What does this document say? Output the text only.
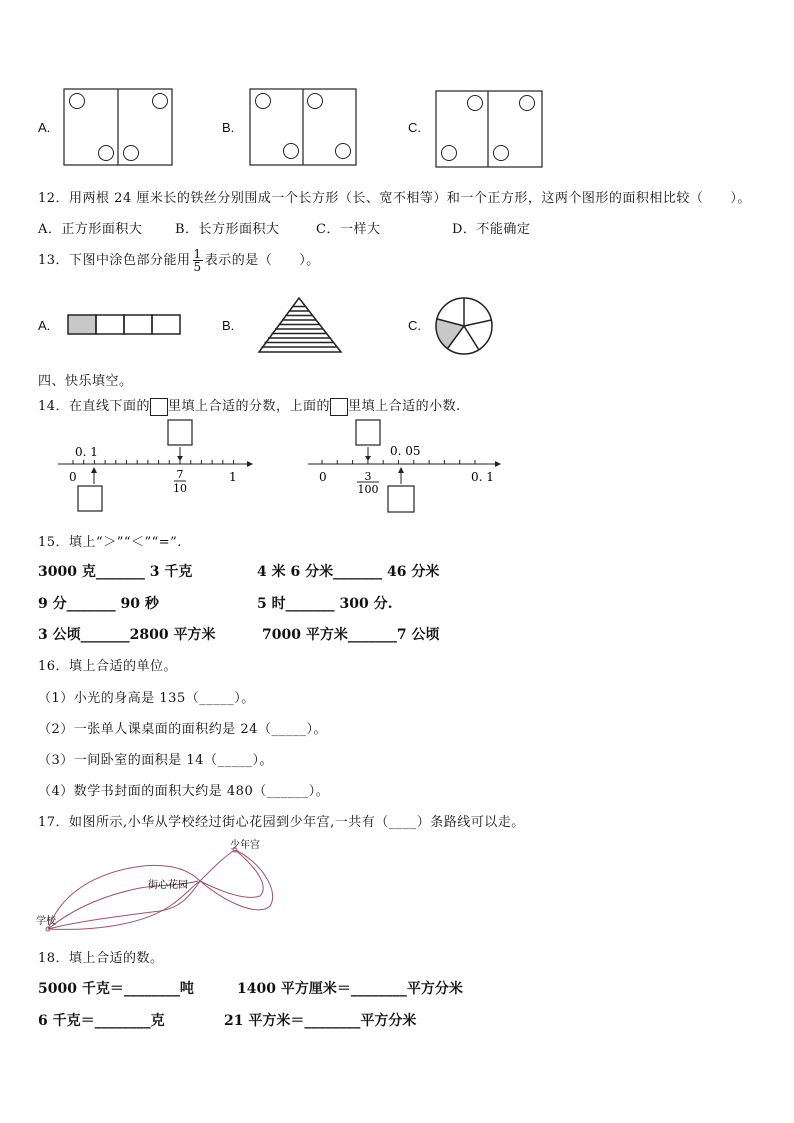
A.	B.	C.
12．用两根 24 厘米长的铁丝分别围成一个长方形（长、宽不相等）和一个正方形，这两个图形的面积相比较（　　）。
A．正方形面积大	B．长方形面积大	C．一样大	D．不能确定
13．下图中涂色部分能用 $\frac{1}{5}$ 表示的是（　　）。
A.	B.	C.
四、快乐填空。
14．在直线下面的 里填上合适的分数，上面的 里填上合适的小数.
0. 1
0	7
10
1
0. 05
0	3
100
0. 1
15．填上“＞”“＜”“=”.
3000 克_______ 3 千克	4 米 6 分米_______ 46 分米
9 分_______ 90 秒	5 时_______ 300 分.
3 公顷_______2800 平方米	7000 平方米_______7 公顷
16．填上合适的单位。
（1）小光的身高是 135（_____）。
（2）一张单人课桌面的面积约是 24（_____）。
（3）一间卧室的面积是 14（_____）。
（4）数学书封面的面积大约是 480（______）。
17．如图所示,小华从学校经过街心花园到少年宫,一共有（____）条路线可以走。
少年宫
街心花园
学校
18．填上合适的数。
5000 千克＝________吨	1400 平方厘米＝________平方分米
6 千克＝________克	21 平方米＝________平方分米
